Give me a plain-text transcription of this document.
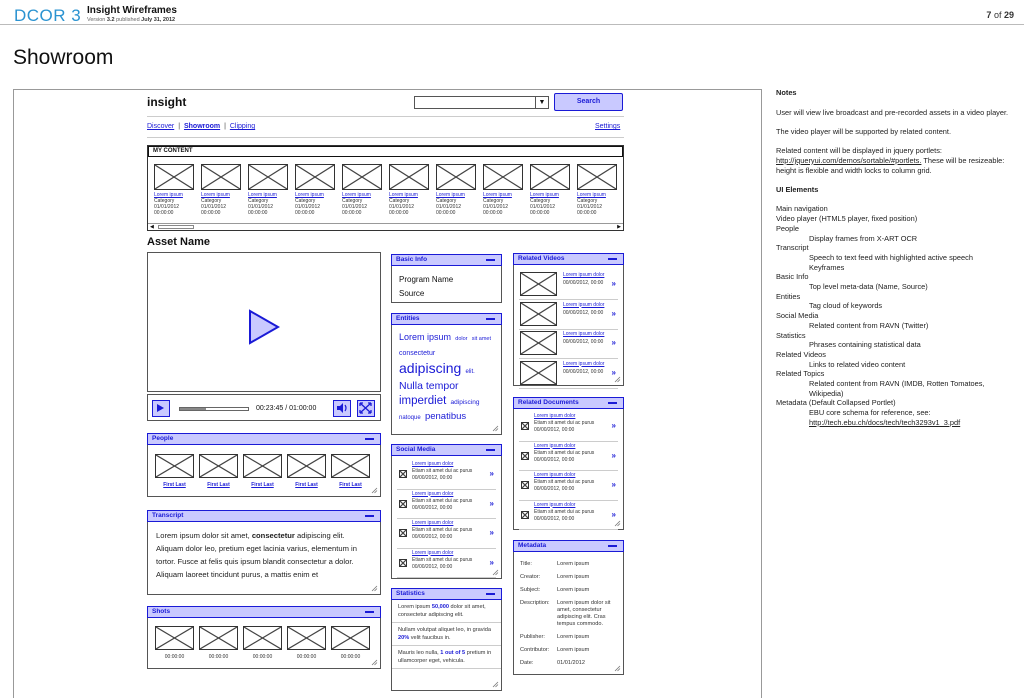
DCOR 3 Insight Wireframes
Version 3.2 published July 31, 2012	7 of 29
Showroom
insight	▼	Search
Discover | Showroom | Clipping	Settings
MY CONTENT
Lorem ipsum
Category
01/01/2012
00:00:00
Lorem ipsum
Category
01/01/2012
00:00:00
Lorem ipsum
Category
01/01/2012
00:00:00
Lorem ipsum
Category
01/01/2012
00:00:00
Lorem ipsum
Category
01/01/2012
00:00:00
Lorem ipsum
Category
01/01/2012
00:00:00
Lorem ipsum
Category
01/01/2012
00:00:00
Lorem ipsum
Category
01/01/2012
00:00:00
Lorem ipsum
Category
01/01/2012
00:00:00
Lorem ipsum
Category
01/01/2012
00:00:00
◀	▶
Asset Name
00:23:45 / 01:00:00
People
First Last	First Last	First Last	First Last	First Last
Transcript
Lorem ipsum dolor sit amet, consectetur adipiscing elit. Aliquam dolor leo, pretium eget lacinia varius, elementum in tortor. Fusce at felis quis ipsum blandit consectetur a dolor. Aliquam laoreet tincidunt purus, a mattis enim et
Shots
00:00:00	00:00:00	00:00:00	00:00:00	00:00:00
Basic Info
Program Name
Source
Entities
Lorem ipsum dolor sit amet consectetur adipiscing elit. Nulla tempor imperdiet adipiscing natoque penatibus
Social Media
Lorem ipsum dolor
Etiam sit amet dui ac purus
00/00/2012, 00:00	»
Lorem ipsum dolor
Etiam sit amet dui ac purus
00/00/2012, 00:00	»
Lorem ipsum dolor
Etiam sit amet dui ac purus
00/00/2012, 00:00	»
Lorem ipsum dolor
Etiam sit amet dui ac purus
00/00/2012, 00:00	»
Statistics

Lorem ipsum 50,000 dolor sit amet, consectetur adipiscing elit.

Nullam volutpat aliquet leo, in gravida 20% velit faucibus in.

Mauris leo nulla, 1 out of 5 pretium in ullamcorper eget, vehicula.

Related Videos
Lorem ipsum dolor
00/00/2012, 00:00 »
Lorem ipsum dolor
00/00/2012, 00:00 »
Lorem ipsum dolor
00/00/2012, 00:00 »
Lorem ipsum dolor
00/00/2012, 00:00 »
Related Documents
Lorem ipsum dolor
Etiam sit amet dui ac purus
00/00/2012, 00:00	»
Lorem ipsum dolor
Etiam sit amet dui ac purus
00/00/2012, 00:00	»
Lorem ipsum dolor
Etiam sit amet dui ac purus
00/00/2012, 00:00	»
Lorem ipsum dolor
Etiam sit amet dui ac purus
00/00/2012, 00:00	»
Metadata
Title:	Lorem ipsum
Creator:	Lorem ipsum
Subject:	Lorem ipsum
Description:	Lorem ipsum dolor sit amet, consectetur adipiscing elit. Cras tempus commodo.
Publisher:	Lorem ipsum
Contributor:	Lorem ipsum
Date:	01/01/2012
Notes

User will view live broadcast and pre-recorded assets in a video player.

The video player will be supported by related content.

Related content will be displayed in jquery portlets: http://jqueryui.com/demos/sortable/#portlets. These will be resizeable: height is flexible and width locks to column grid.

UI Elements
Main navigation
Video player (HTML5 player, fixed position)
People
Display frames from X-ART OCR
Transcript
Speech to text feed with highlighted active speech
Keyframes
Basic Info
Top level meta-data (Name, Source)
Entities
Tag cloud of keywords
Social Media
Related content from RAVN (Twitter)
Statistics
Phrases containing statistical data
Related Videos
Links to related video content
Related Topics
Related content from RAVN (IMDB, Rotten Tomatoes, Wikipedia)
Metadata (Default Collapsed Portlet)
EBU core schema for reference, see:
http://tech.ebu.ch/docs/tech/tech3293v1_3.pdf
